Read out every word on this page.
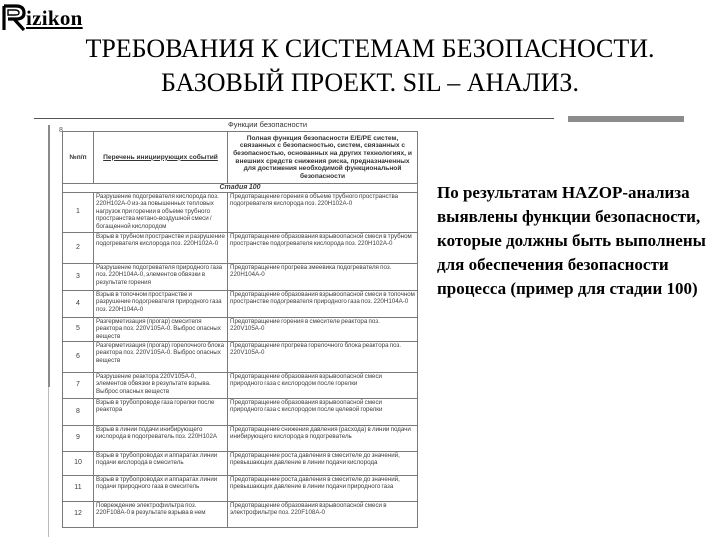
izikon
ТРЕБОВАНИЯ К СИСТЕМАМ БЕЗОПАСНОСТИ.
БАЗОВЫЙ ПРОЕКТ. SIL – АНАЛИЗ.
8
Функции безопасности
№п/п	Перечень инициирующих событий	Полная функция безопасности Е/Е/РЕ систем, связанных с безопасностью, систем, связанных с безопасностью, основанных на других технологиях, и внешних средств снижения риска, предназначенных для достижения необходимой функциональной безопасности
Стадия 100		
1	Разрушение подогревателя кислорода поз. 220Н102А-0 из-за повышенных тепловых нагрузок при горении в объеме трубного пространства метано-воздушной смеси / богащенной кислородом	Предотвращение горения в объеме трубного пространства подогревателя кислорода поз. 220Н102А-0
2	Взрыв в трубном пространстве и разрушение подогревателя кислорода поз. 220Н102А-0	Предотвращение образования взрывоопасной смеси в трубном пространстве подогревателя кислорода поз. 220Н102А-0
3	Разрушение подогревателя природного газа поз. 220Н104А-0, элементов обвязки в результате горения	Предотвращение прогрева змеевика подогревателя поз. 220Н104А-0
4	Взрыв в топочном пространстве и разрушение подогревателя природного газа поз. 220Н104А-0	Предотвращение образования взрывоопасной смеси в топочном пространстве подогревателя природного газа поз. 220Н104А-0
5	Разгерметизация (прогар) смесителя реактора поз. 220V105А-0. Выброс опасных веществ	Предотвращение горения в смесителе реактора поз. 220V105А-0
6	Разгерметизация (прогар) горелочного блока реактора поз. 220V105А-0. Выброс опасных веществ	Предотвращение прогрева горелочного блока реактора поз. 220V105А-0
7	Разрушение реактора 220V105А-0, элементов обвязки в результате взрыва. Выброс опасных веществ	Предотвращение образования взрывоопасной смеси природного газа с кислородом после горелки
8	Взрыв в трубопроводе газа горелки после реактора	Предотвращение образования взрывоопасной смеси природного газа с кислородом после целевой горелки
9	Взрыв в линии подачи инибирующего кислорода в подогреватель поз. 220Н102А	Предотвращение снижения давления (расхода) в линии подачи инибирующего кислорода в подогреватель
10	Взрыв в трубопроводах и аппаратах линии подачи кислорода в смеситель	Предотвращение роста давления в смесителе до значений, превышающих давление в линии подачи кислорода
11	Взрыв в трубопроводах и аппаратах линии подачи природного газа в смеситель	Предотвращение роста давления в смесителе до значений, превышающих давление в линии подачи природного газа
12	Повреждение электрофильтра поз. 220F108А-0 в результате взрыва в нем	Предотвращение образования взрывоопасной смеси в электрофильтре поз. 220F108А-0
По результатам HAZOP-анализа выявлены функции безопасности, которые должны быть выполнены для обеспечения безопасности процесса (пример для стадии 100)
